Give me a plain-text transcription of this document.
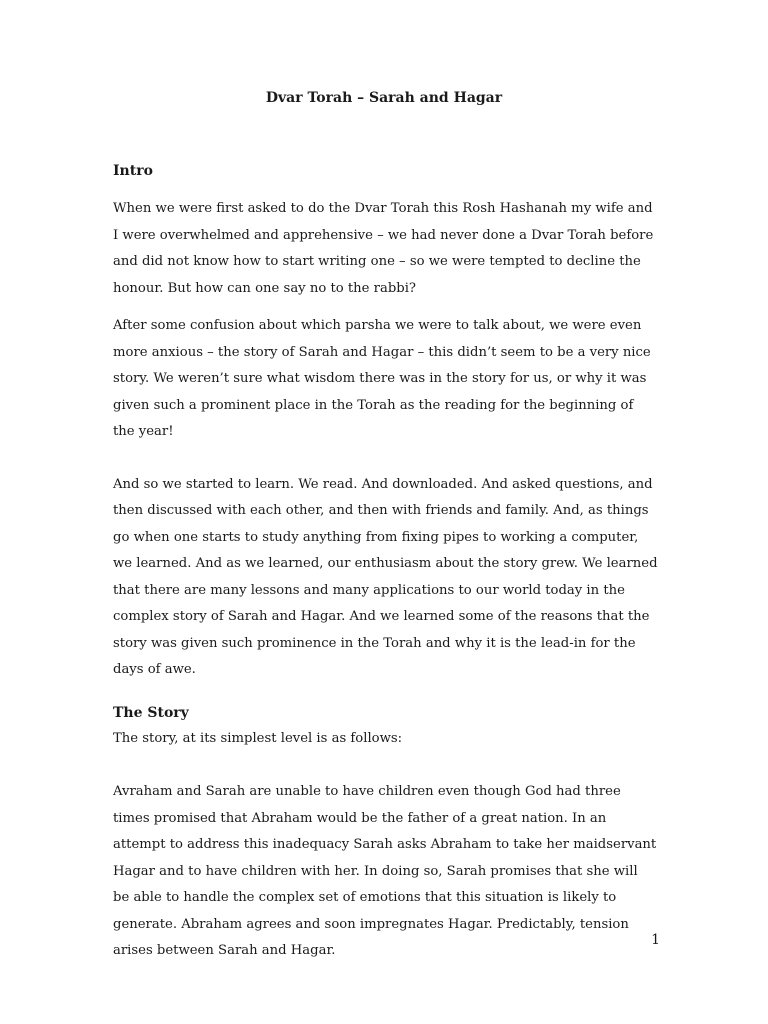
Dvar Torah – Sarah and Hagar

Intro

When we were first asked to do the Dvar Torah this Rosh Hashanah my wife and I were overwhelmed and apprehensive – we had never done a Dvar Torah before and did not know how to start writing one – so we were tempted to decline the honour. But how can one say no to the rabbi?

After some confusion about which parsha we were to talk about, we were even more anxious – the story of Sarah and Hagar – this didn’t seem to be a very nice story. We weren’t sure what wisdom there was in the story for us, or why it was given such a prominent place in the Torah as the reading for the beginning of the year!

And so we started to learn. We read. And downloaded. And asked questions, and then discussed with each other, and then with friends and family. And, as things go when one starts to study anything from fixing pipes to working a computer, we learned. And as we learned, our enthusiasm about the story grew. We learned that there are many lessons and many applications to our world today in the complex story of Sarah and Hagar. And we learned some of the reasons that the story was given such prominence in the Torah and why it is the lead-in for the days of awe.

The Story

The story, at its simplest level is as follows:

Avraham and Sarah are unable to have children even though God had three times promised that Abraham would be the father of a great nation. In an attempt to address this inadequacy Sarah asks Abraham to take her maidservant Hagar and to have children with her. In doing so, Sarah promises that she will be able to handle the complex set of emotions that this situation is likely to generate. Abraham agrees and soon impregnates Hagar. Predictably, tension arises between Sarah and Hagar.

1
